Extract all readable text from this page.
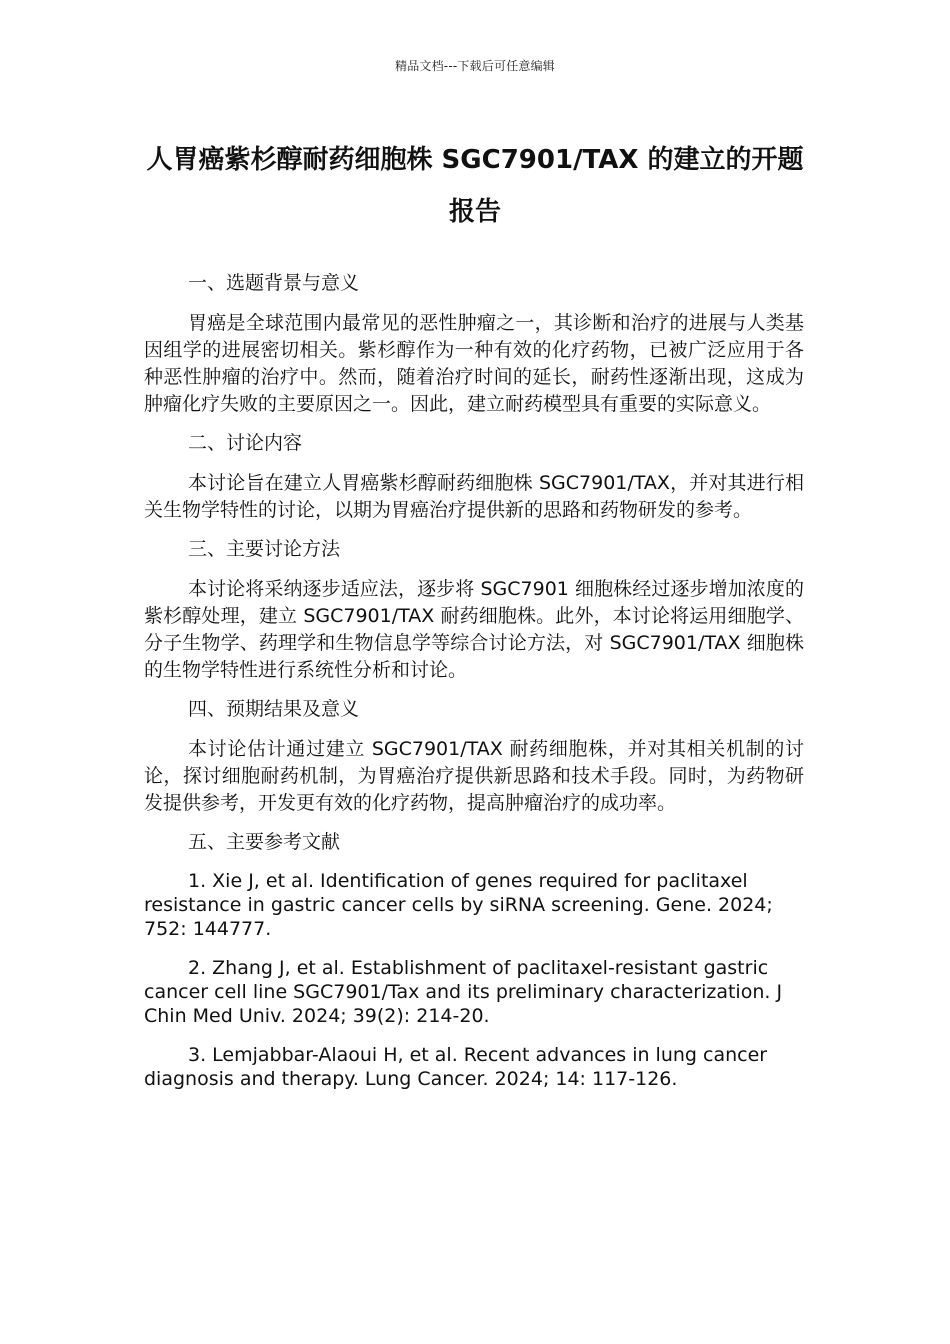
精品文档---下载后可任意编辑
人胃癌紫杉醇耐药细胞株 SGC7901/TAX 的建立的开题报告

一、选题背景与意义

胃癌是全球范围内最常见的恶性肿瘤之一，其诊断和治疗的进展与人类基因组学的进展密切相关。紫杉醇作为一种有效的化疗药物，已被广泛应用于各种恶性肿瘤的治疗中。然而，随着治疗时间的延长，耐药性逐渐出现，这成为肿瘤化疗失败的主要原因之一。因此，建立耐药模型具有重要的实际意义。

二、讨论内容

本讨论旨在建立人胃癌紫杉醇耐药细胞株 SGC7901/TAX，并对其进行相关生物学特性的讨论，以期为胃癌治疗提供新的思路和药物研发的参考。

三、主要讨论方法

本讨论将采纳逐步适应法，逐步将 SGC7901 细胞株经过逐步增加浓度的紫杉醇处理，建立 SGC7901/TAX 耐药细胞株。此外，本讨论将运用细胞学、分子生物学、药理学和生物信息学等综合讨论方法，对 SGC7901/TAX 细胞株的生物学特性进行系统性分析和讨论。

四、预期结果及意义

本讨论估计通过建立 SGC7901/TAX 耐药细胞株，并对其相关机制的讨论，探讨细胞耐药机制，为胃癌治疗提供新思路和技术手段。同时，为药物研发提供参考，开发更有效的化疗药物，提高肿瘤治疗的成功率。

五、主要参考文献

1. Xie J, et al. Identification of genes required for paclitaxel resistance in gastric cancer cells by siRNA screening. Gene. 2024; 752: 144777.

2. Zhang J, et al. Establishment of paclitaxel-resistant gastric cancer cell line SGC7901/Tax and its preliminary characterization. J Chin Med Univ. 2024; 39(2): 214-20.

3. Lemjabbar-Alaoui H, et al. Recent advances in lung cancer diagnosis and therapy. Lung Cancer. 2024; 14: 117-126.
